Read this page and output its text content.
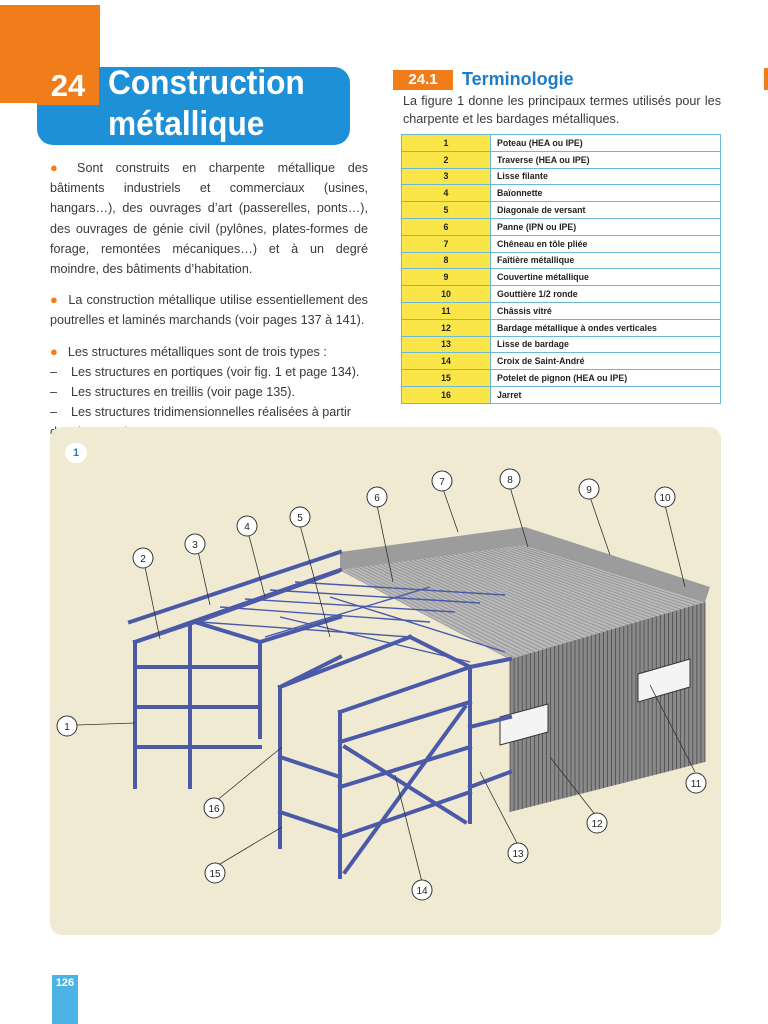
24 Construction
métallique

● Sont construits en charpente métallique des bâtiments industriels et commerciaux (usines, hangars…), des ouvrages d’art (passerelles, ponts…), des ouvrages de génie civil (pylônes, plates-formes de forage, remontées mécaniques…) et à un degré moindre, des bâtiments d’habitation.

● La construction métallique utilise essentiellement des poutrelles et laminés marchands (voir pages 137 à 141).

● Les structures métalliques sont de trois types :
–    Les structures en portiques (voir fig. 1 et page 134).
–    Les structures en treillis (voir page 135).
–    Les structures tridimensionnelles réalisées à partir

24.1	Terminologie
La figure 1 donne les principaux termes utilisés pour les charpente et les bardages métalliques.
1	Poteau (HEA ou IPE)
2	Traverse (HEA ou IPE)
3	Lisse filante
4	Baïonnette
5	Diagonale de versant
6	Panne (IPN ou IPE)
7	Chêneau en tôle pliée
8	Faîtière métallique
9	Couvertine métallique
10	Gouttière 1/2 ronde
11	Châssis vitré
12	Bardage métallique à ondes verticales
13	Lisse de bardage
14	Croix de Saint-André
15	Potelet de pignon (HEA ou IPE)
16	Jarret
1
2
3
4
5
6
7	8
9
10
11
12
13
14
15
16
1
126
